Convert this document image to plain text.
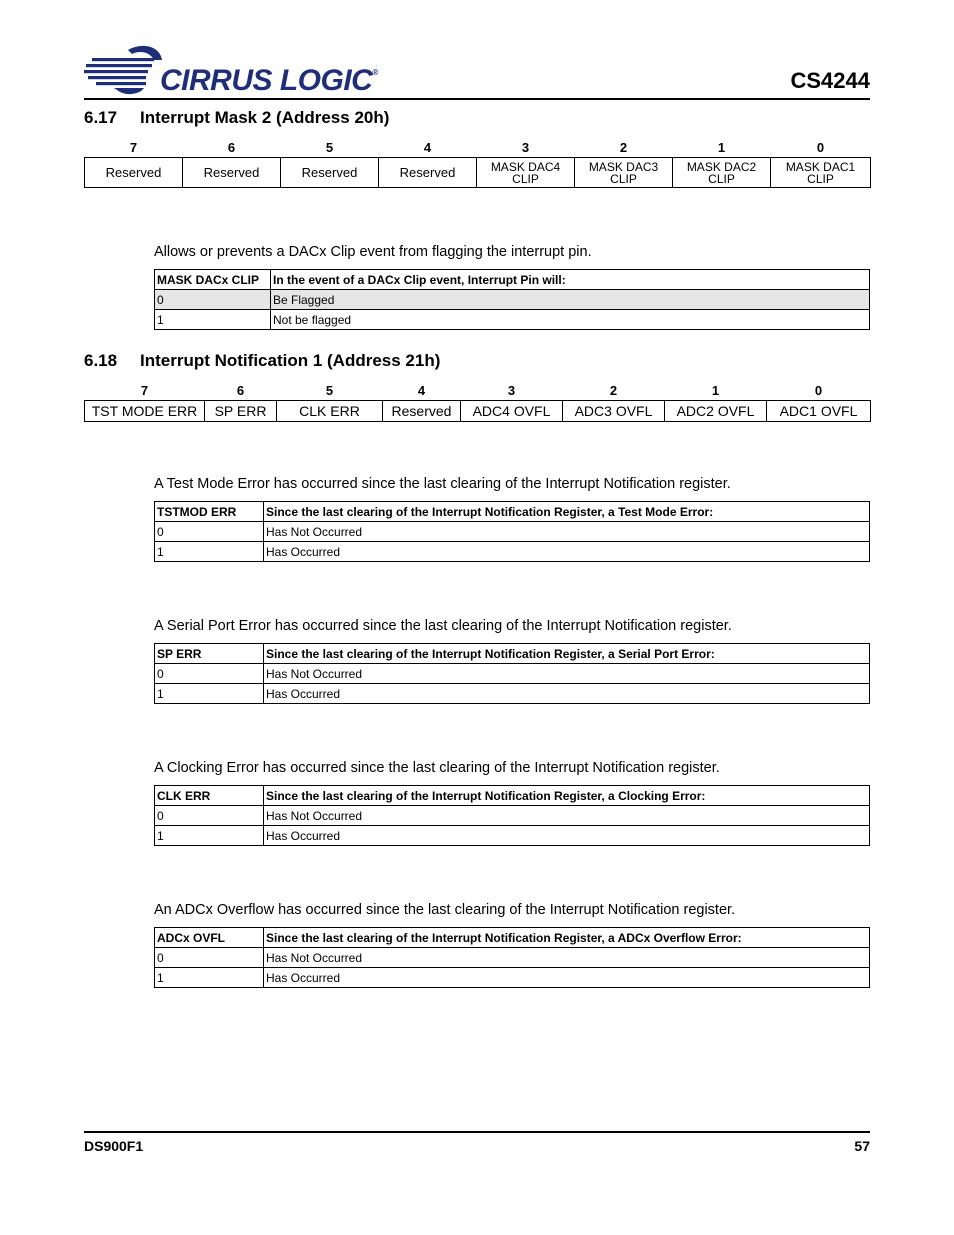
CIRRUS LOGIC®	CS4244
6.17 Interrupt Mask 2 (Address 20h)
7	6	5	4	3	2	1	0
Reserved	Reserved	Reserved	Reserved	MASK DAC4 CLIP	MASK DAC3 CLIP	MASK DAC2 CLIP	MASK DAC1 CLIP

Allows or prevents a DACx Clip event from flagging the interrupt pin.

MASK DACx CLIP	In the event of a DACx Clip event, Interrupt Pin will:
0	Be Flagged
1	Not be flagged
6.18 Interrupt Notification 1 (Address 21h)
7	6	5	4	3	2	1	0
TST MODE ERR	SP ERR	CLK ERR	Reserved	ADC4 OVFL	ADC3 OVFL	ADC2 OVFL	ADC1 OVFL

A Test Mode Error has occurred since the last clearing of the Interrupt Notification register.

TSTMOD ERR	Since the last clearing of the Interrupt Notification Register, a Test Mode Error:
0	Has Not Occurred
1	Has Occurred

A Serial Port Error has occurred since the last clearing of the Interrupt Notification register.

SP ERR	Since the last clearing of the Interrupt Notification Register, a Serial Port Error:
0	Has Not Occurred
1	Has Occurred

A Clocking Error has occurred since the last clearing of the Interrupt Notification register.

CLK ERR	Since the last clearing of the Interrupt Notification Register, a Clocking Error:
0	Has Not Occurred
1	Has Occurred

An ADCx Overflow has occurred since the last clearing of the Interrupt Notification register.

ADCx OVFL	Since the last clearing of the Interrupt Notification Register, a ADCx Overflow Error:
0	Has Not Occurred
1	Has Occurred
DS900F1	57
